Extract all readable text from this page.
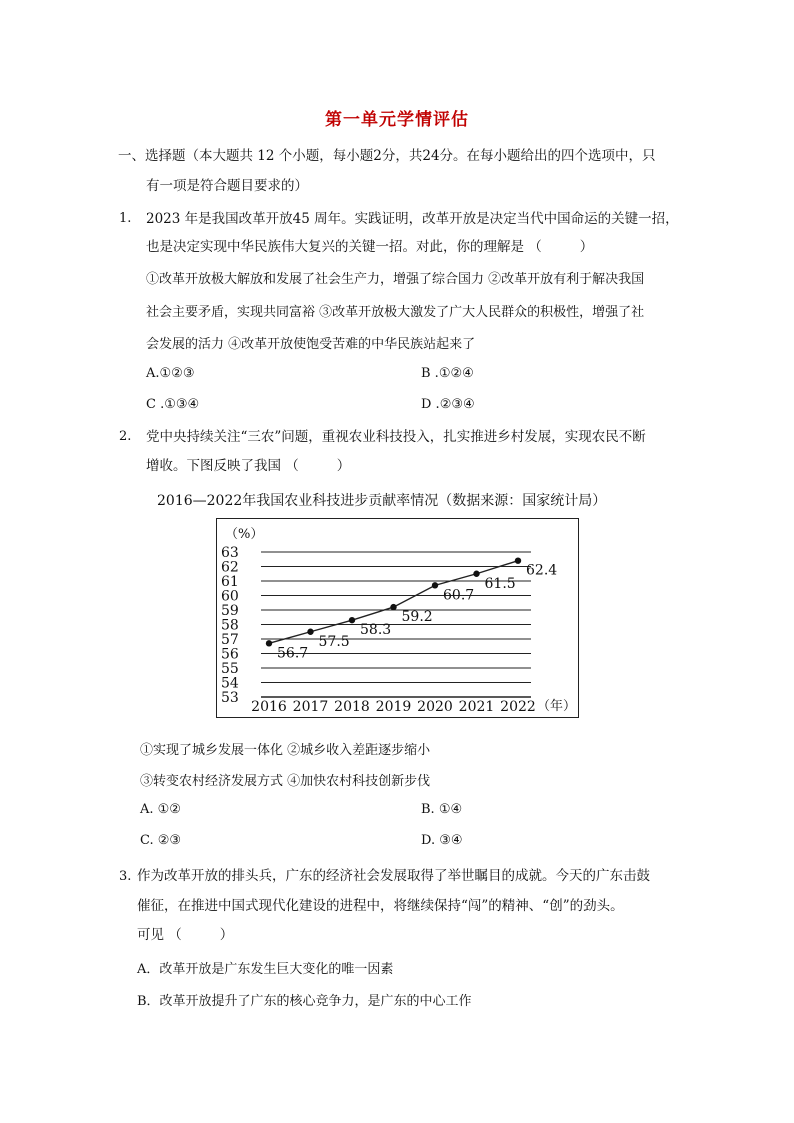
第一单元学情评估
一、选择题（本大题共 12 个小题，每小题2分，共24分。在每小题给出的四个选项中，只
有一项是符合题目要求的）
1. 2023 年是我国改革开放45 周年。实践证明，改革开放是决定当代中国命运的关键一招，
也是决定实现中华民族伟大复兴的关键一招。对此，你的理解是 （	）
①改革开放极大解放和发展了社会生产力，增强了综合国力 ②改革开放有利于解决我国
社会主要矛盾，实现共同富裕 ③改革开放极大激发了广大人民群众的积极性，增强了社
会发展的活力 ④改革开放使饱受苦难的中华民族站起来了
A.①②③	B .①②④
C .①③④	D .②③④
2. 党中央持续关注“三农”问题，重视农业科技投入，扎实推进乡村发展，实现农民不断
增收。下图反映了我国 （	）
2016—2022年我国农业科技进步贡献率情况（数据来源：国家统计局）
（%）
63
62
61
60
59
58
57
56
55
54
53
56.7
57.5
58.3
59.2
60.7
61.5
62.4
2016 2017 2018 2019 2020 2021 2022 （年）
①实现了城乡发展一体化 ②城乡收入差距逐步缩小
③转变农村经济发展方式 ④加快农村科技创新步伐
A. ①②	B. ①④
C. ②③	D. ③④
3. 作为改革开放的排头兵，广东的经济社会发展取得了举世瞩目的成就。今天的广东击鼓
催征，在推进中国式现代化建设的进程中，将继续保持“闯”的精神、“创”的劲头。
可见 （	）
A．改革开放是广东发生巨大变化的唯一因素
B．改革开放提升了广东的核心竞争力，是广东的中心工作
